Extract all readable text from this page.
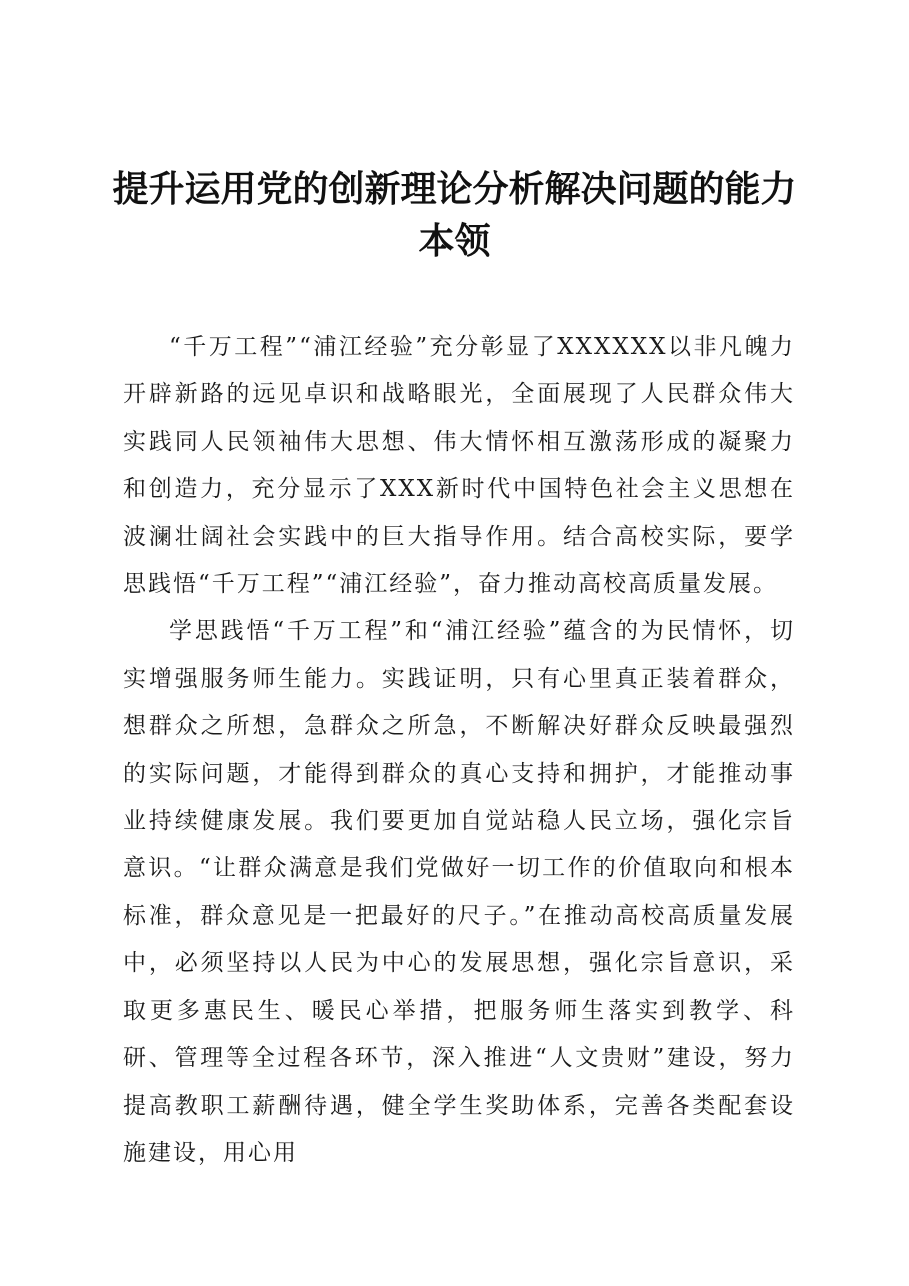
提升运用党的创新理论分析解决问题的能力本领

“千万工程”“浦江经验”充分彰显了XXXXXX以非凡魄力开辟新路的远见卓识和战略眼光，全面展现了人民群众伟大实践同人民领袖伟大思想、伟大情怀相互激荡形成的凝聚力和创造力，充分显示了XXX新时代中国特色社会主义思想在波澜壮阔社会实践中的巨大指导作用。结合高校实际，要学思践悟“千万工程”“浦江经验”，奋力推动高校高质量发展。

学思践悟“千万工程”和“浦江经验”蕴含的为民情怀，切实增强服务师生能力。实践证明，只有心里真正装着群众，想群众之所想，急群众之所急，不断解决好群众反映最强烈的实际问题，才能得到群众的真心支持和拥护，才能推动事业持续健康发展。我们要更加自觉站稳人民立场，强化宗旨意识。“让群众满意是我们党做好一切工作的价值取向和根本标准，群众意见是一把最好的尺子。”在推动高校高质量发展中，必须坚持以人民为中心的发展思想，强化宗旨意识，采取更多惠民生、暖民心举措，把服务师生落实到教学、科研、管理等全过程各环节，深入推进“人文贵财”建设，努力提高教职工薪酬待遇，健全学生奖助体系，完善各类配套设施建设，用心用
